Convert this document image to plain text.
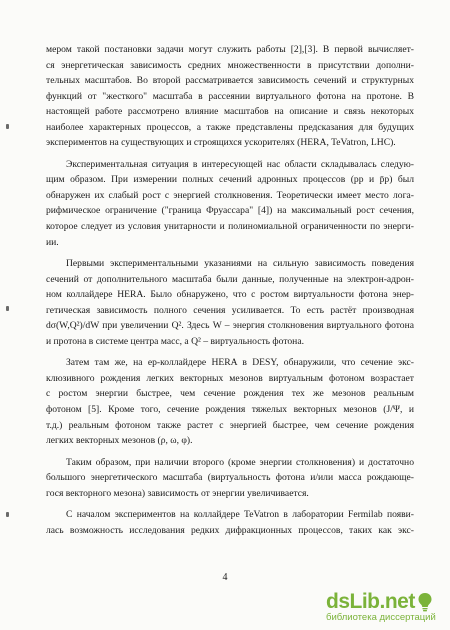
мером такой постановки задачи могут служить работы [2],[3]. В первой вычисляет-
ся энергетическая зависимость средних множественности в присутствии дополни-
тельных масштабов. Во второй рассматривается зависимость сечений и структурных
функций от "жесткого" масштаба в рассеянии виртуального фотона на протоне. В
настоящей работе рассмотрено влияние масштабов на описание и связь некоторых
наиболее характерных процессов, а также представлены предсказания для будущих
экспериментов на существующих и строящихся ускорителях (HERA, TeVatron, LHC).
Экспериментальная ситуация в интересующей нас области складывалась следую-
щим образом. При измерении полных сечений адронных процессов (pp и p̄p) был
обнаружен их слабый рост с энергией столкновения. Теоретически имеет место лога-
рифмическое ограничение ("граница Фруассара" [4]) на максимальный рост сечения,
которое следует из условия унитарности и полиномиальной ограниченности по энерги-
ии.
Первыми экспериментальными указаниями на сильную зависимость поведения
сечений от дополнительного масштаба были данные, полученные на электрон-адрон-
ном коллайдере HERA. Было обнаружено, что с ростом виртуальности фотона энер-
гетическая зависимость полного сечения усиливается. То есть растёт производная
dσ(W,Q²)/dW при увеличении Q². Здесь W – энергия столкновения виртуального фотона
и протона в системе центра масс, а Q² – виртуальность фотона.
Затем там же, на ep-коллайдере HERA в DESY, обнаружили, что сечение экс-
клюзивного рождения легких векторных мезонов виртуальным фотоном возрастает
с ростом энергии быстрее, чем сечение рождения тех же мезонов реальным
фотоном [5]. Кроме того, сечение рождения тяжелых векторных мезонов (J/Ψ, и
т.д.) реальным фотоном также растет с энергией быстрее, чем сечение рождения
легких векторных мезонов (ρ, ω, φ).
Таким образом, при наличии второго (кроме энергии столкновения) и достаточно
большого энергетического масштаба (виртуальность фотона и/или масса рождающе-
гося векторного мезона) зависимость от энергии увеличивается.
С началом экспериментов на коллайдере TeVatron в лаборатории Fermilab появи-
лась возможность исследования редких дифракционных процессов, таких как экс-
4
dsLib.net
библиотека диссертаций
